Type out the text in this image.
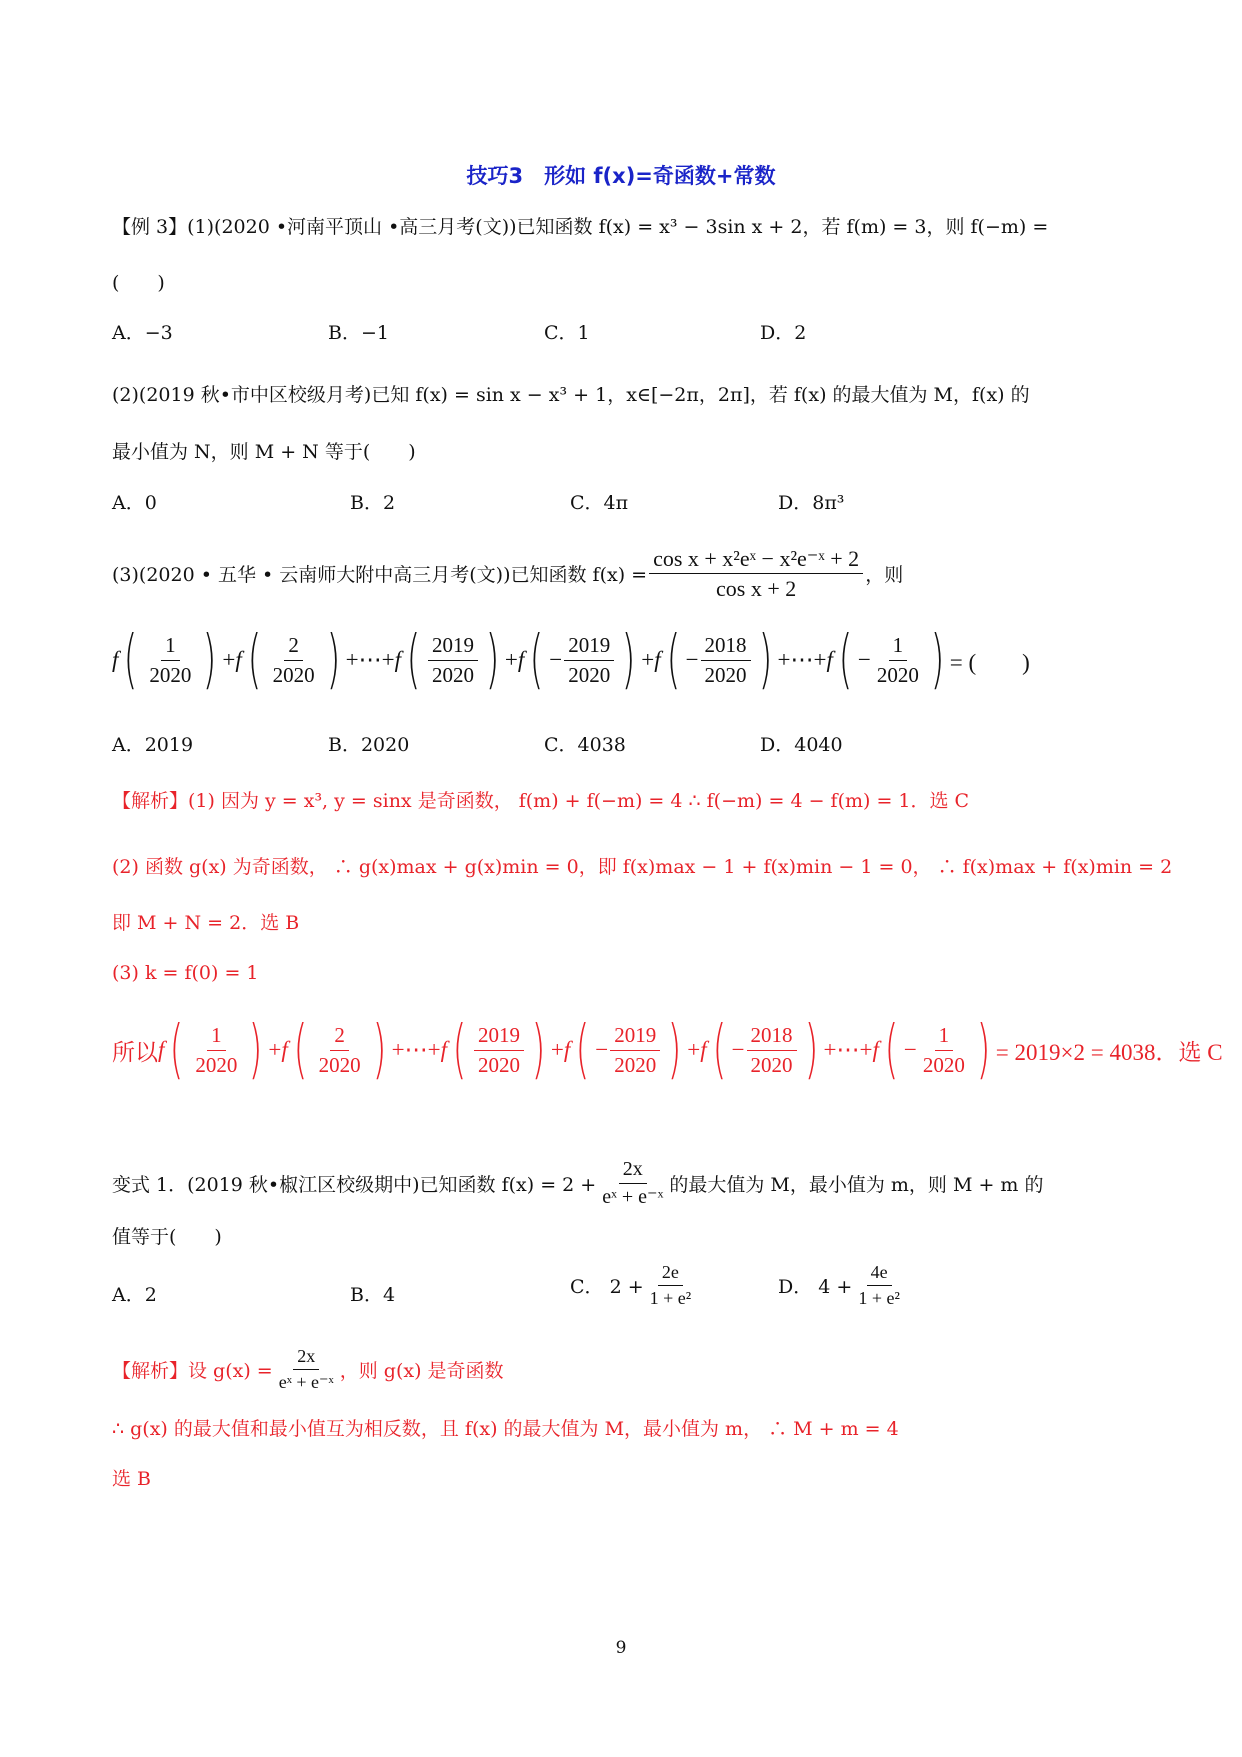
技巧3　形如 f(x)=奇函数+常数
【例 3】(1)(2020 •河南平顶山 •高三月考(文))已知函数 f(x) = x³ − 3sin x + 2，若 f(m) = 3，则 f(−m) =
(　　)
A．−3	B．−1	C．1	D．2
(2)(2019 秋•市中区校级月考)已知 f(x) = sin x − x³ + 1，x∈[−2π，2π]，若 f(x) 的最大值为 M，f(x) 的
最小值为 N，则 M + N 等于(　　)
A．0	B．2	C．4π	D．8π³
(3)(2020 • 五华 • 云南师大附中高三月考(文))已知函数 $f(x) = \frac{\text{cos x + x²eˣ − x²e⁻ˣ + 2}}{\text{cos x + 2}}$ ，则
f ( $\frac{1}{2020}$ ) + f ( $\frac{2}{2020}$ ) +⋯+ f ( $\frac{2019}{2020}$ ) + f ( − $\frac{2019}{2020}$ ) + f ( − $\frac{2018}{2020}$ ) +⋯+ f ( − $\frac{1}{2020}$ ) = (　　)
A．2019	B．2020	C．4038	D．4040
【解析】(1) 因为 y = x³, y = sinx 是奇函数， f(m) + f(−m) = 4 ∴ f(−m) = 4 − f(m) = 1．选 C
(2) 函数 g(x) 为奇函数， ∴ g(x)max + g(x)min = 0，即 f(x)max − 1 + f(x)min − 1 = 0， ∴ f(x)max + f(x)min = 2
即 M + N = 2．选 B
(3) k = f(0) = 1
所以 f ( $\frac{1}{2020}$ ) + f ( $\frac{2}{2020}$ ) +⋯+ f ( $\frac{2019}{2020}$ ) + f ( − $\frac{2019}{2020}$ ) + f ( − $\frac{2018}{2020}$ ) +⋯+ f ( − $\frac{1}{2020}$ ) = 2019×2 = 4038．选 C
变式 1．(2019 秋•椒江区校级期中)已知函数 $f(x) = 2 + \frac{2x}{\text{eˣ + e⁻ˣ}}$ 的最大值为 M，最小值为 m，则 M + m 的
值等于(　　)
A．2	B．4	C． $2 + \frac{2e}{\text{1 + e²}}$	D． $4 + \frac{4e}{\text{1 + e²}}$
【解析】设 $g(x) = \frac{2x}{\text{eˣ + e⁻ˣ}}$ ，则 g(x) 是奇函数
∴ g(x) 的最大值和最小值互为相反数，且 f(x) 的最大值为 M，最小值为 m， ∴ M + m = 4
选 B
9
